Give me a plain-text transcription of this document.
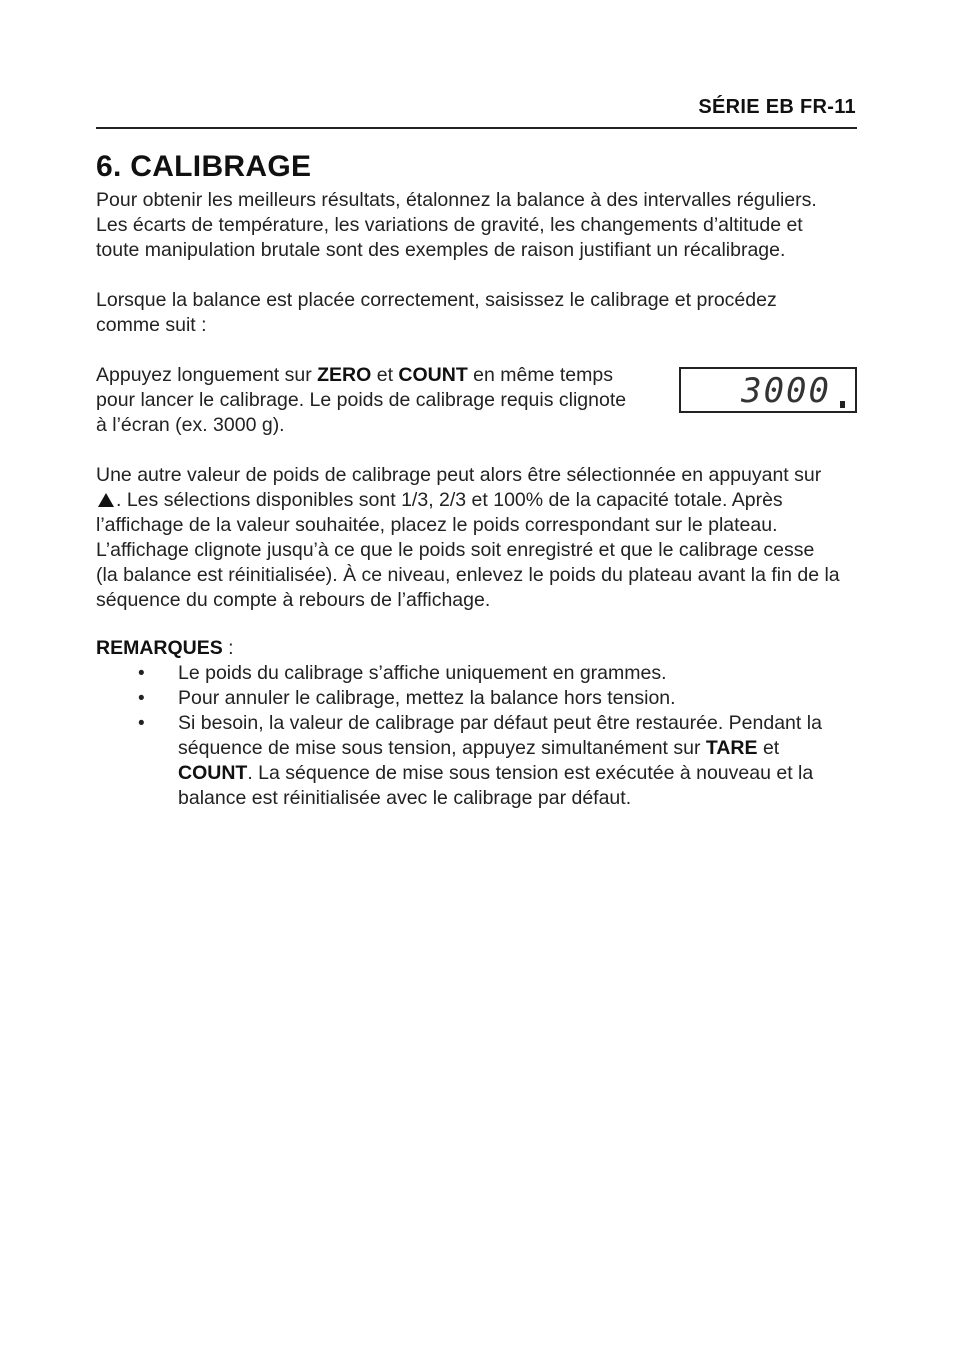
SÉRIE EB FR-11
6. CALIBRAGE

Pour obtenir les meilleurs résultats, étalonnez la balance à des intervalles réguliers. Les écarts de température, les variations de gravité, les changements d’altitude et toute manipulation brutale sont des exemples de raison justifiant un récalibrage.

Lorsque la balance est placée correctement, saisissez le calibrage et procédez comme suit :

Appuyez longuement sur ZERO et COUNT en même temps pour lancer le calibrage. Le poids de calibrage requis clignote à l’écran (ex. 3000 g).

3000

Une autre valeur de poids de calibrage peut alors être sélectionnée en appuyant sur . Les sélections disponibles sont 1/3, 2/3 et 100% de la capacité totale. Après l’affichage de la valeur souhaitée, placez le poids correspondant sur le plateau. L’affichage clignote jusqu’à ce que le poids soit enregistré et que le calibrage cesse (la balance est réinitialisée). À ce niveau, enlevez le poids du plateau avant la fin de la séquence du compte à rebours de l’affichage.

REMARQUES :

• Le poids du calibrage s’affiche uniquement en grammes.
• Pour annuler le calibrage, mettez la balance hors tension.
• Si besoin, la valeur de calibrage par défaut peut être restaurée. Pendant la séquence de mise sous tension, appuyez simultanément sur TARE et COUNT. La séquence de mise sous tension est exécutée à nouveau et la balance est réinitialisée avec le calibrage par défaut.
